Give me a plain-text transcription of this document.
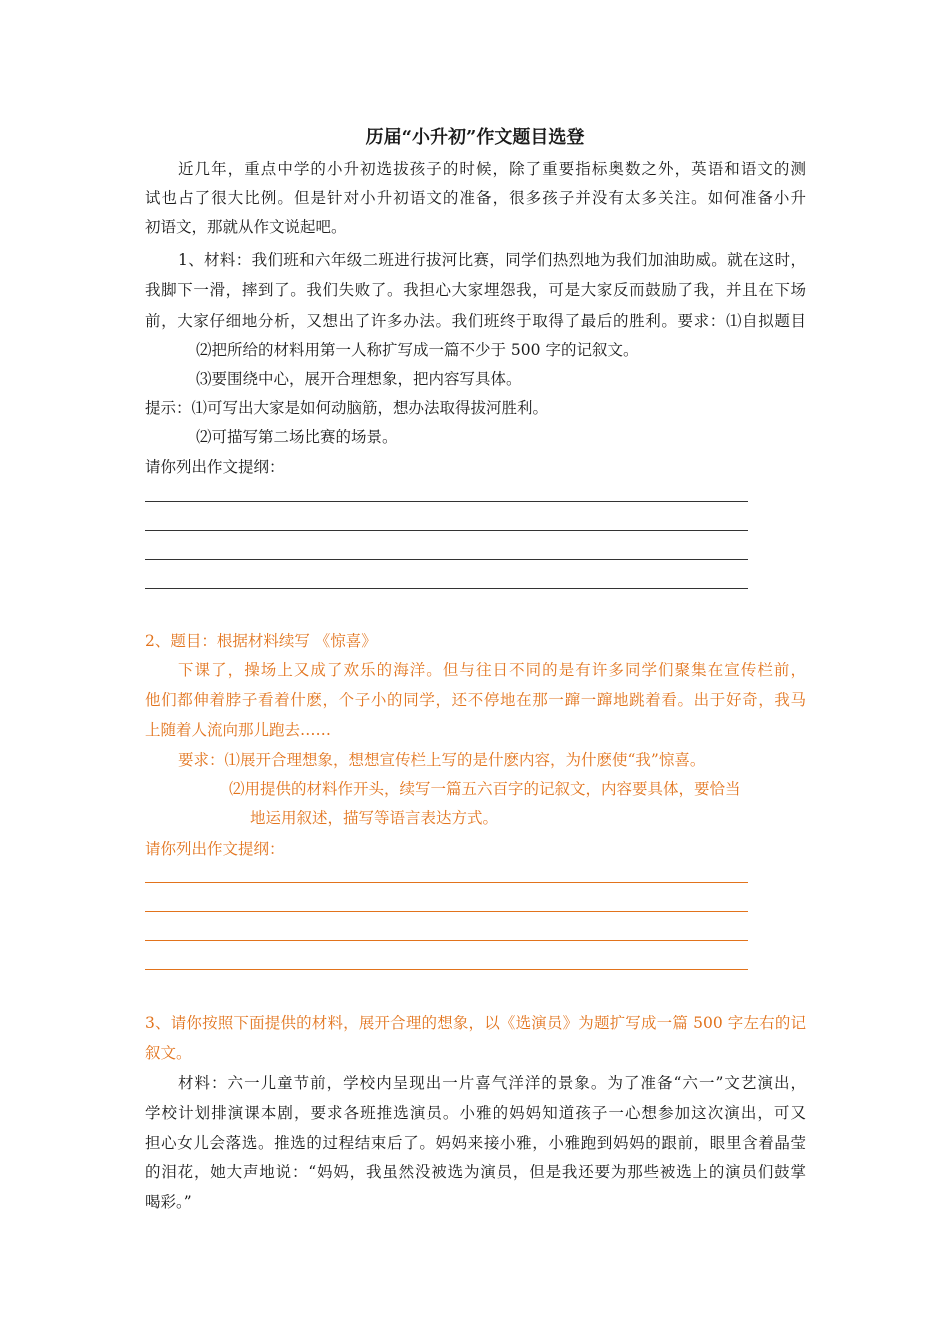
历届“小升初”作文题目选登
近几年，重点中学的小升初选拔孩子的时候，除了重要指标奥数之外，英语和语文的测
试也占了很大比例。但是针对小升初语文的准备，很多孩子并没有太多关注。如何准备小升
初语文，那就从作文说起吧。
1、材料：我们班和六年级二班进行拔河比赛，同学们热烈地为我们加油助威。就在这时，
我脚下一滑，摔到了。我们失败了。我担心大家埋怨我，可是大家反而鼓励了我，并且在下场
前，大家仔细地分析，又想出了许多办法。我们班终于取得了最后的胜利。要求：⑴自拟题目
⑵把所给的材料用第一人称扩写成一篇不少于 500 字的记叙文。
⑶要围绕中心，展开合理想象，把内容写具体。
提示：⑴可写出大家是如何动脑筋，想办法取得拔河胜利。
⑵可描写第二场比赛的场景。
请你列出作文提纲：
2、题目：根据材料续写 《惊喜》
下课了，操场上又成了欢乐的海洋。但与往日不同的是有许多同学们聚集在宣传栏前，
他们都伸着脖子看着什麽，个子小的同学，还不停地在那一蹿一蹿地跳着看。出于好奇，我马
上随着人流向那儿跑去……
要求：⑴展开合理想象，想想宣传栏上写的是什麽内容，为什麽使“我”惊喜。
⑵用提供的材料作开头，续写一篇五六百字的记叙文，内容要具体，要恰当
地运用叙述，描写等语言表达方式。
请你列出作文提纲：
3、请你按照下面提供的材料，展开合理的想象，以《选演员》为题扩写成一篇 500 字左右的记
叙文。
材料：六一儿童节前，学校内呈现出一片喜气洋洋的景象。为了准备“六一”文艺演出，
学校计划排演课本剧，要求各班推选演员。小雅的妈妈知道孩子一心想参加这次演出，可又
担心女儿会落选。推选的过程结束后了。妈妈来接小雅，小雅跑到妈妈的跟前，眼里含着晶莹
的泪花，她大声地说：“妈妈，我虽然没被选为演员，但是我还要为那些被选上的演员们鼓掌
喝彩。”
